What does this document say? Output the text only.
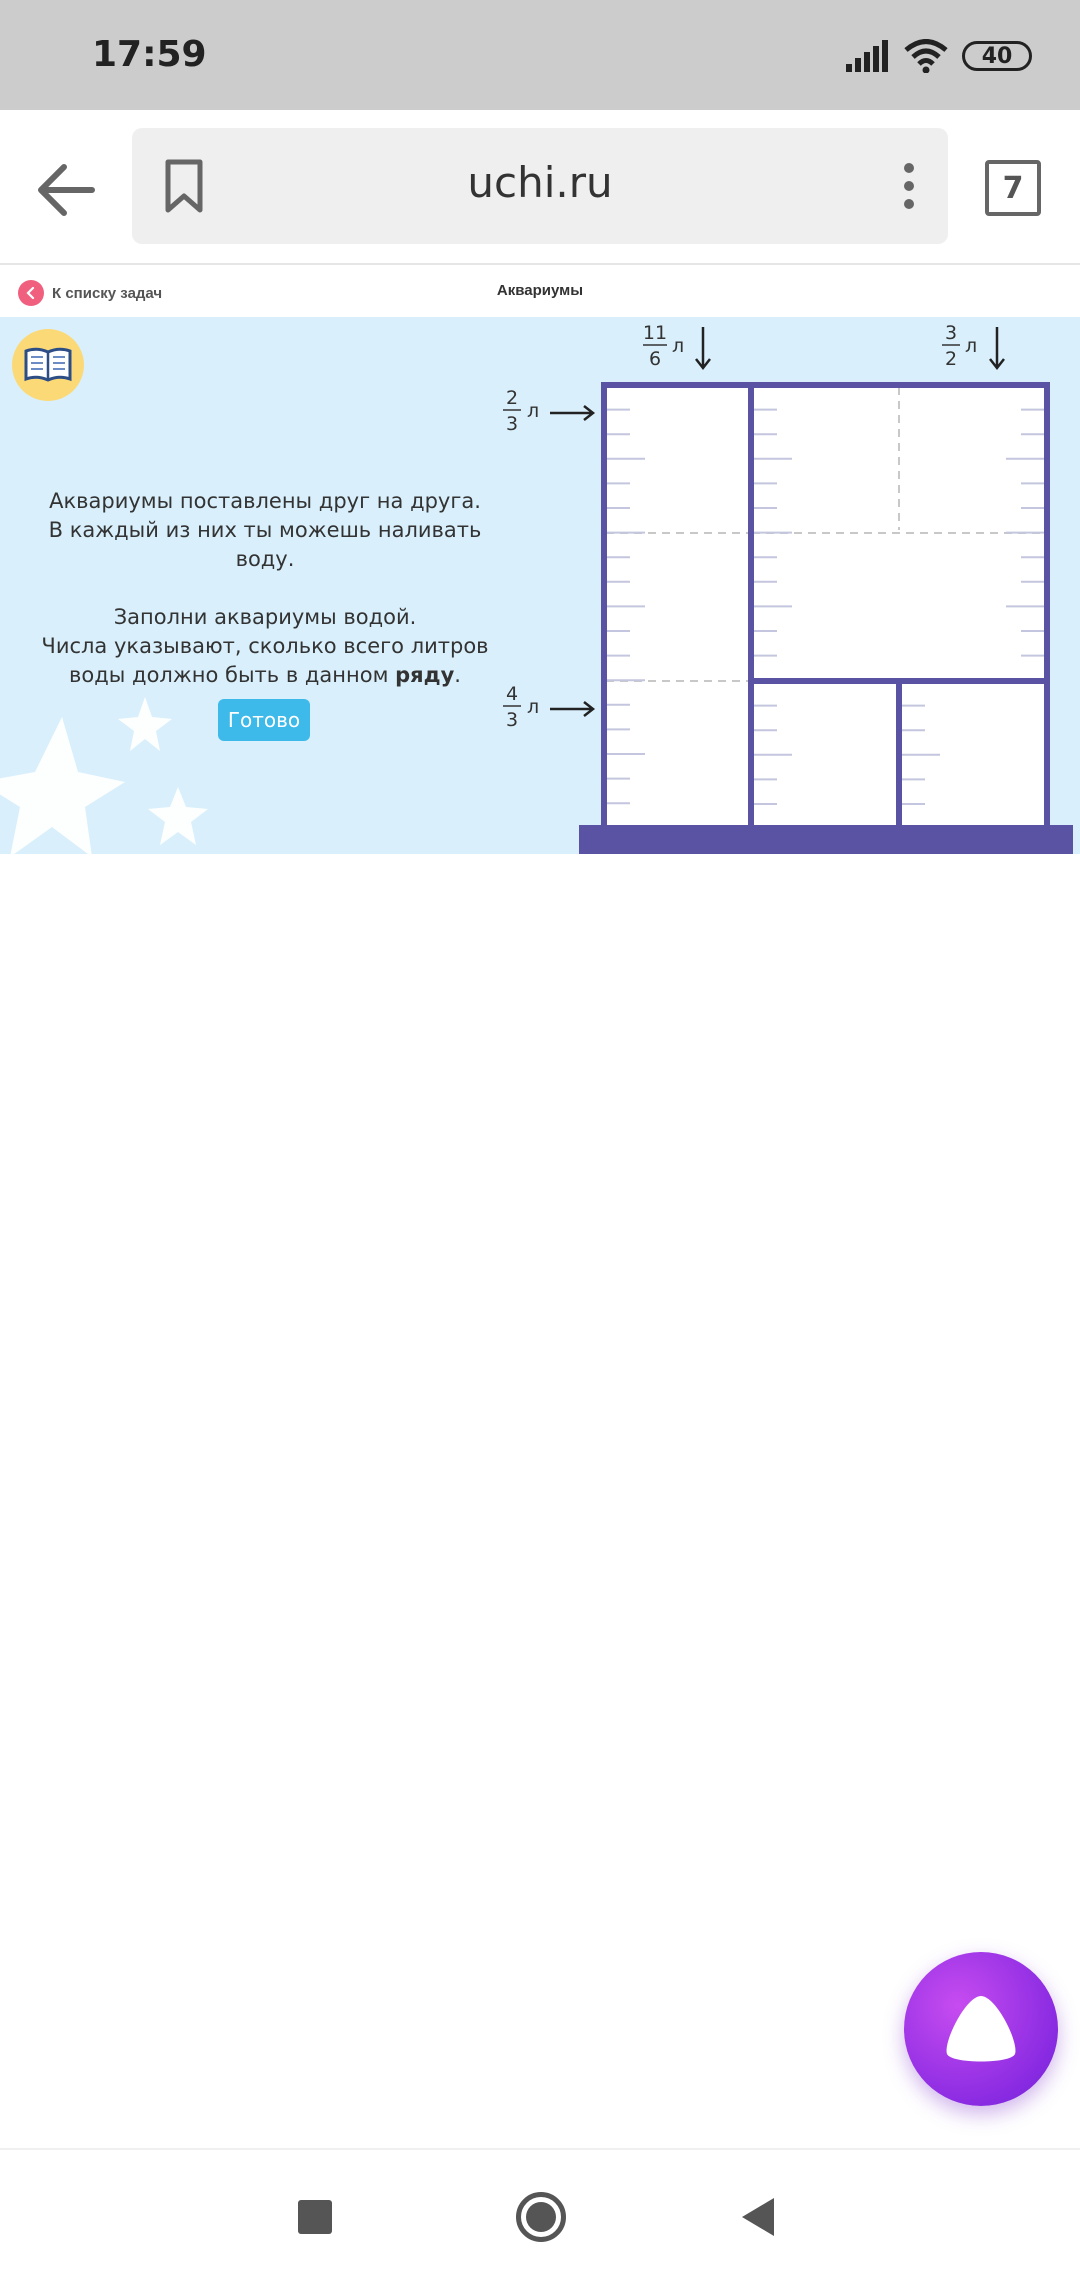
17:59	40
uchi.ru	7
К списку задач	Аквариумы

Аквариумы поставлены друг на друга.

В каждый из них ты можешь наливать воду.

Заполни аквариумы водой.

Числа указывают, сколько всего литров

воды должно быть в данном ряду.

Готово
11
6
л
3
2
л
2
3
л
4
3
л
